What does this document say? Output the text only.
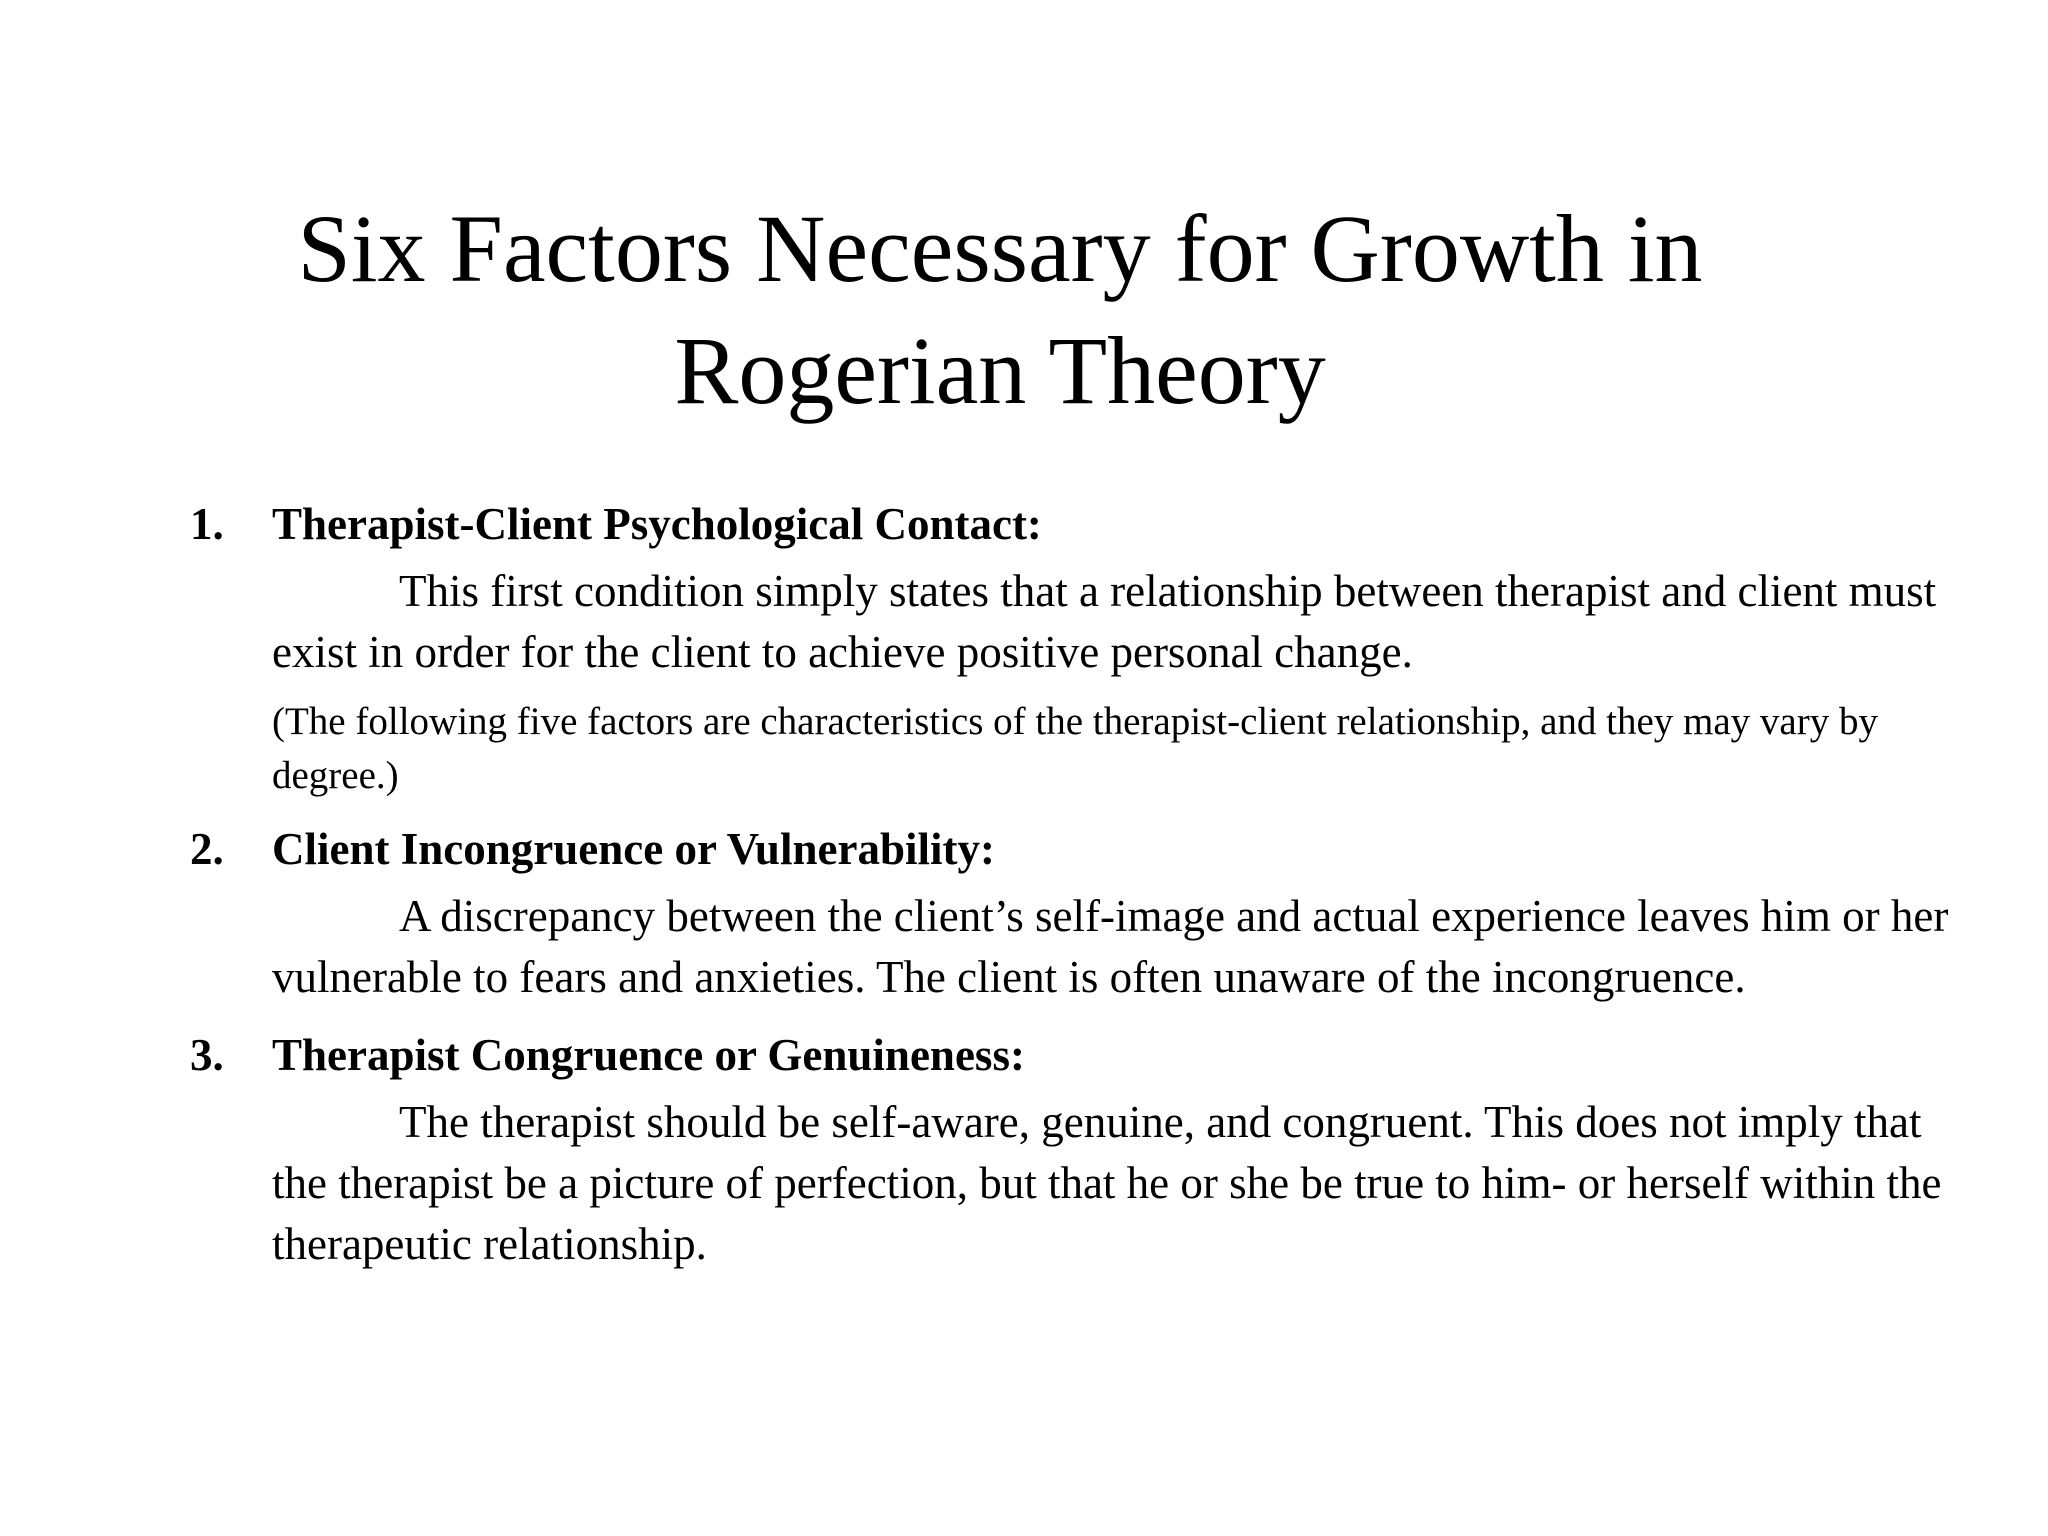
Six Factors Necessary for Growth in
Rogerian Theory
1. Therapist-Client Psychological Contact:
This first condition simply states that a relationship between therapist and client must exist in order for the client to achieve positive personal change.
(The following five factors are characteristics of the therapist-client relationship, and they may vary by degree.)
2. Client Incongruence or Vulnerability:
A discrepancy between the client’s self-image and actual experience leaves him or her vulnerable to fears and anxieties. The client is often unaware of the incongruence.
3. Therapist Congruence or Genuineness:
The therapist should be self-aware, genuine, and congruent. This does not imply that the therapist be a picture of perfection, but that he or she be true to him- or herself within the therapeutic relationship.
